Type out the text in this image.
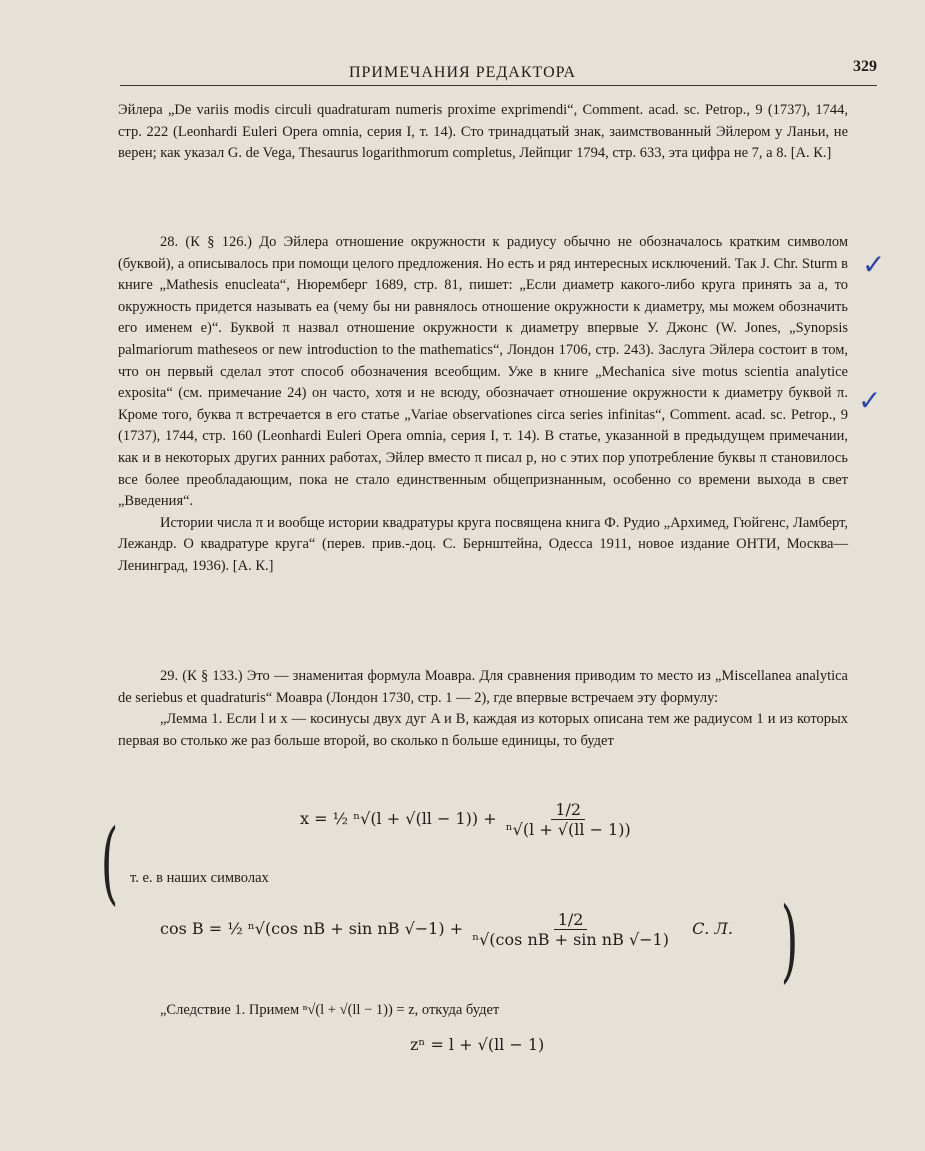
ПРИМЕЧАНИЯ РЕДАКТОРА	329

Эйлера „De variis modis circuli quadraturam numeris proxime exprimendi“, Comment. acad. sc. Petrop., 9 (1737), 1744, стр. 222 (Leonhardi Euleri Opera omnia, серия I, т. 14). Сто тринадцатый знак, заимствованный Эйлером у Ланьи, не верен; как указал G. de Vega, Thesaurus logarithmorum completus, Лейпциг 1794, стр. 633, эта цифра не 7, а 8. [А. К.]

28. (К § 126.) До Эйлера отношение окружности к радиусу обычно не обозначалось кратким символом (буквой), а описывалось при помощи целого предложения. Но есть и ряд интересных исключений. Так J. Chr. Sturm в книге „Mathesis enucleata“, Нюремберг 1689, стр. 81, пишет: „Если диаметр какого-либо круга принять за a, то окружность придется называть ea (чему бы ни равнялось отношение окружности к диаметру, мы можем обозначить его именем e)“. Буквой π назвал отношение окружности к диаметру впервые У. Джонс (W. Jones, „Synopsis palmariorum matheseos or new introduction to the mathematics“, Лондон 1706, стр. 243). Заслуга Эйлера состоит в том, что он первый сделал этот способ обозначения всеобщим. Уже в книге „Mechanica sive motus scientia analytice exposita“ (см. примечание 24) он часто, хотя и не всюду, обозначает отношение окружности к диаметру буквой π. Кроме того, буква π встречается в его статье „Variae observationes circa series infinitas“, Comment. acad. sc. Petrop., 9 (1737), 1744, стр. 160 (Leonhardi Euleri Opera omnia, серия I, т. 14). В статье, указанной в предыдущем примечании, как и в некоторых других ранних работах, Эйлер вместо π писал p, но с этих пор употребление буквы π становилось все более преобладающим, пока не стало единственным общепризнанным, особенно со времени выхода в свет „Введения“.

Истории числа π и вообще истории квадратуры круга посвящена книга Ф. Рудио „Архимед, Гюйгенс, Ламберт, Лежандр. О квадратуре круга“ (перев. прив.-доц. С. Бернштейна, Одесса 1911, новое издание ОНТИ, Москва—Ленинград, 1936). [А. К.]

29. (К § 133.) Это — знаменитая формула Моавра. Для сравнения приводим то место из „Miscellanea analytica de seriebus et quadraturis“ Моавра (Лондон 1730, стр. 1 — 2), где впервые встречаем эту формулу:

„Лемма 1. Если l и x — косинусы двух дуг A и B, каждая из которых описана тем же радиусом 1 и из которых первая во столько же раз больше второй, во сколько n больше единицы, то будет

x = ½ $^n√(l + √(ll - 1)) + \frac{1/2}{\text{ⁿ√(l + √(ll − 1))}}$
( т. е. в наших символах

cos B = ½ ⁿ√(cos nB + sin nB $√-1) + \frac{1/2}{\text{ⁿ√(cos nB + sin nB √−1)}} С$. Л. )

„Следствие 1. Примем ⁿ√(l + √(ll − 1)) = z, откуда будет

zⁿ = l + √(ll − 1)
✓
✓
